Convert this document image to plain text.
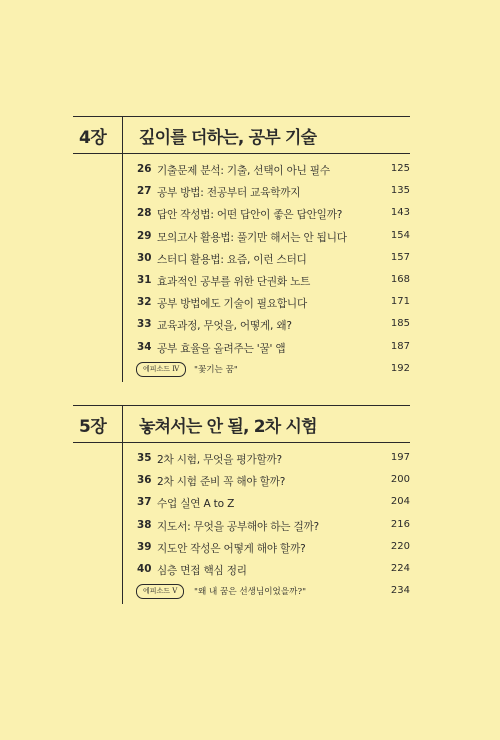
4장 깊이를 더하는, 공부 기술
26 기출문제 분석: 기출, 선택이 아닌 필수	125
27 공부 방법: 전공부터 교육학까지	135
28 답안 작성법: 어떤 답안이 좋은 답안일까?	143
29 모의고사 활용법: 풀기만 해서는 안 됩니다	154
30 스터디 활용법: 요즘, 이런 스터디	157
31 효과적인 공부를 위한 단권화 노트	168
32 공부 방법에도 기술이 필요합니다	171
33 교육과정, 무엇을, 어떻게, 왜?	185
34 공부 효율을 올려주는 '꿀' 앱	187
에피소드 Ⅳ	"꽃기는 꿈"	192
5장 놓쳐서는 안 될, 2차 시험
35 2차 시험, 무엇을 평가할까?	197
36 2차 시험 준비 꼭 해야 할까?	200
37 수업 실연 A to Z	204
38 지도서: 무엇을 공부해야 하는 걸까?	216
39 지도안 작성은 어떻게 해야 할까?	220
40 심층 면접 핵심 정리	224
에피소드 Ⅴ	"왜 내 꿈은 선생님이었을까?"	234
